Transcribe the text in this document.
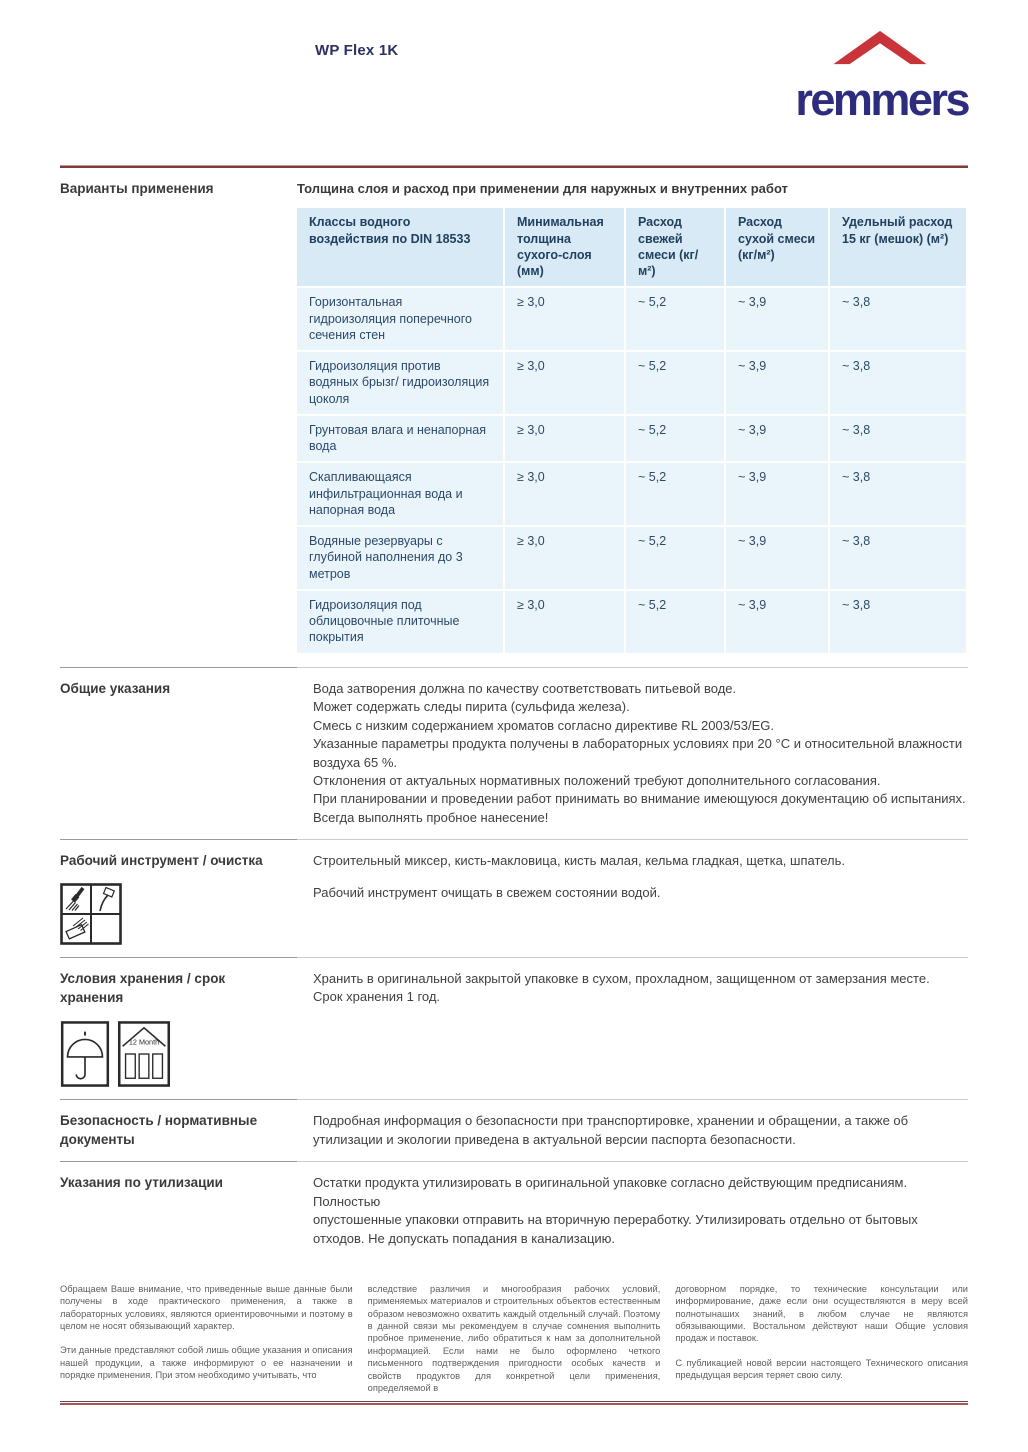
WP Flex 1K
remmers
Варианты применения	Толщина слоя и расход при применении для наружных и внутренних работ
Классы водного воздействия по DIN 18533	Минимальная толщина сухого-слоя (мм)	Расход свежей смеси (кг/м²)	Расход сухой смеси (кг/м²)	Удельный расход 15 кг (мешок) (м²)
Горизонтальная гидроизоляция поперечного сечения стен	≥ 3,0	~ 5,2	~ 3,9	~ 3,8
Гидроизоляция против водяных брызг/ гидроизоляция цоколя	≥ 3,0	~ 5,2	~ 3,9	~ 3,8
Грунтовая влага и ненапорная вода	≥ 3,0	~ 5,2	~ 3,9	~ 3,8
Скапливающаяся инфильтрационная вода и напорная вода	≥ 3,0	~ 5,2	~ 3,9	~ 3,8
Водяные резервуары с глубиной наполнения до 3 метров	≥ 3,0	~ 5,2	~ 3,9	~ 3,8
Гидроизоляция под облицовочные плиточные покрытия	≥ 3,0	~ 5,2	~ 3,9	~ 3,8
Общие указания	Вода затворения должна по качеству соответствовать питьевой воде.
Может содержать следы пирита (сульфида железа).
Смесь с низким содержанием хроматов согласно директиве RL 2003/53/EG.
Указанные параметры продукта получены в лабораторных условиях при 20 °C и относительной влажности воздуха 65 %.
Отклонения от актуальных нормативных положений требуют дополнительного согласования.
При планировании и проведении работ принимать во внимание имеющуюся документацию об испытаниях.
Всегда выполнять пробное нанесение!
Рабочий инструмент / очистка	Строительный миксер, кисть-макловица, кисть малая, кельма гладкая, щетка, шпатель.

Рабочий инструмент очищать в свежем состоянии водой.

Условия хранения / срок хранения
12 Month

Хранить в оригинальной закрытой упаковке в сухом, прохладном, защищенном от замерзания месте.

Срок хранения 1 год.

Безопасность / нормативные документы

Подробная информация о безопасности при транспортировке, хранении и обращении, а также об утилизации и экологии приведена в актуальной версии паспорта безопасности.

Указания по утилизации	Остатки продукта утилизировать в оригинальной упаковке согласно действующим предписаниям. Полностью

опустошенные упаковки отправить на вторичную переработку. Утилизировать отдельно от бытовых отходов. Не допускать попадания в канализацию.

Обращаем Ваше внимание, что приведенные выше данные были получены в ходе практического применения, а также в лабораторных условиях, являются ориентировочными и поэтому в целом не носят обязывающий характер.

Эти данные представляют собой лишь общие указания и описания нашей продукции, а также информируют о ее назначении и порядке применения. При этом необходимо учитывать, что

вследствие различия и многообразия рабочих условий, применяемых материалов и строительных объектов естественным образом невозможно охватить каждый отдельный случай. Поэтому в данной связи мы рекомендуем в случае сомнения выполнить пробное применение, либо обратиться к нам за дополнительной информацией. Если нами не было оформлено четкого письменного подтверждения пригодности особых качеств и свойств продуктов для конкретной цели применения, определяемой в

договорном порядке, то технические консультации или информирование, даже если они осуществляются в меру всей полнотынаших знаний, в любом случае не являются обязывающими. Востальном действуют наши Общие условия продаж и поставок.

С публикацией новой версии настоящего Технического описания предыдущая версия теряет свою силу.
